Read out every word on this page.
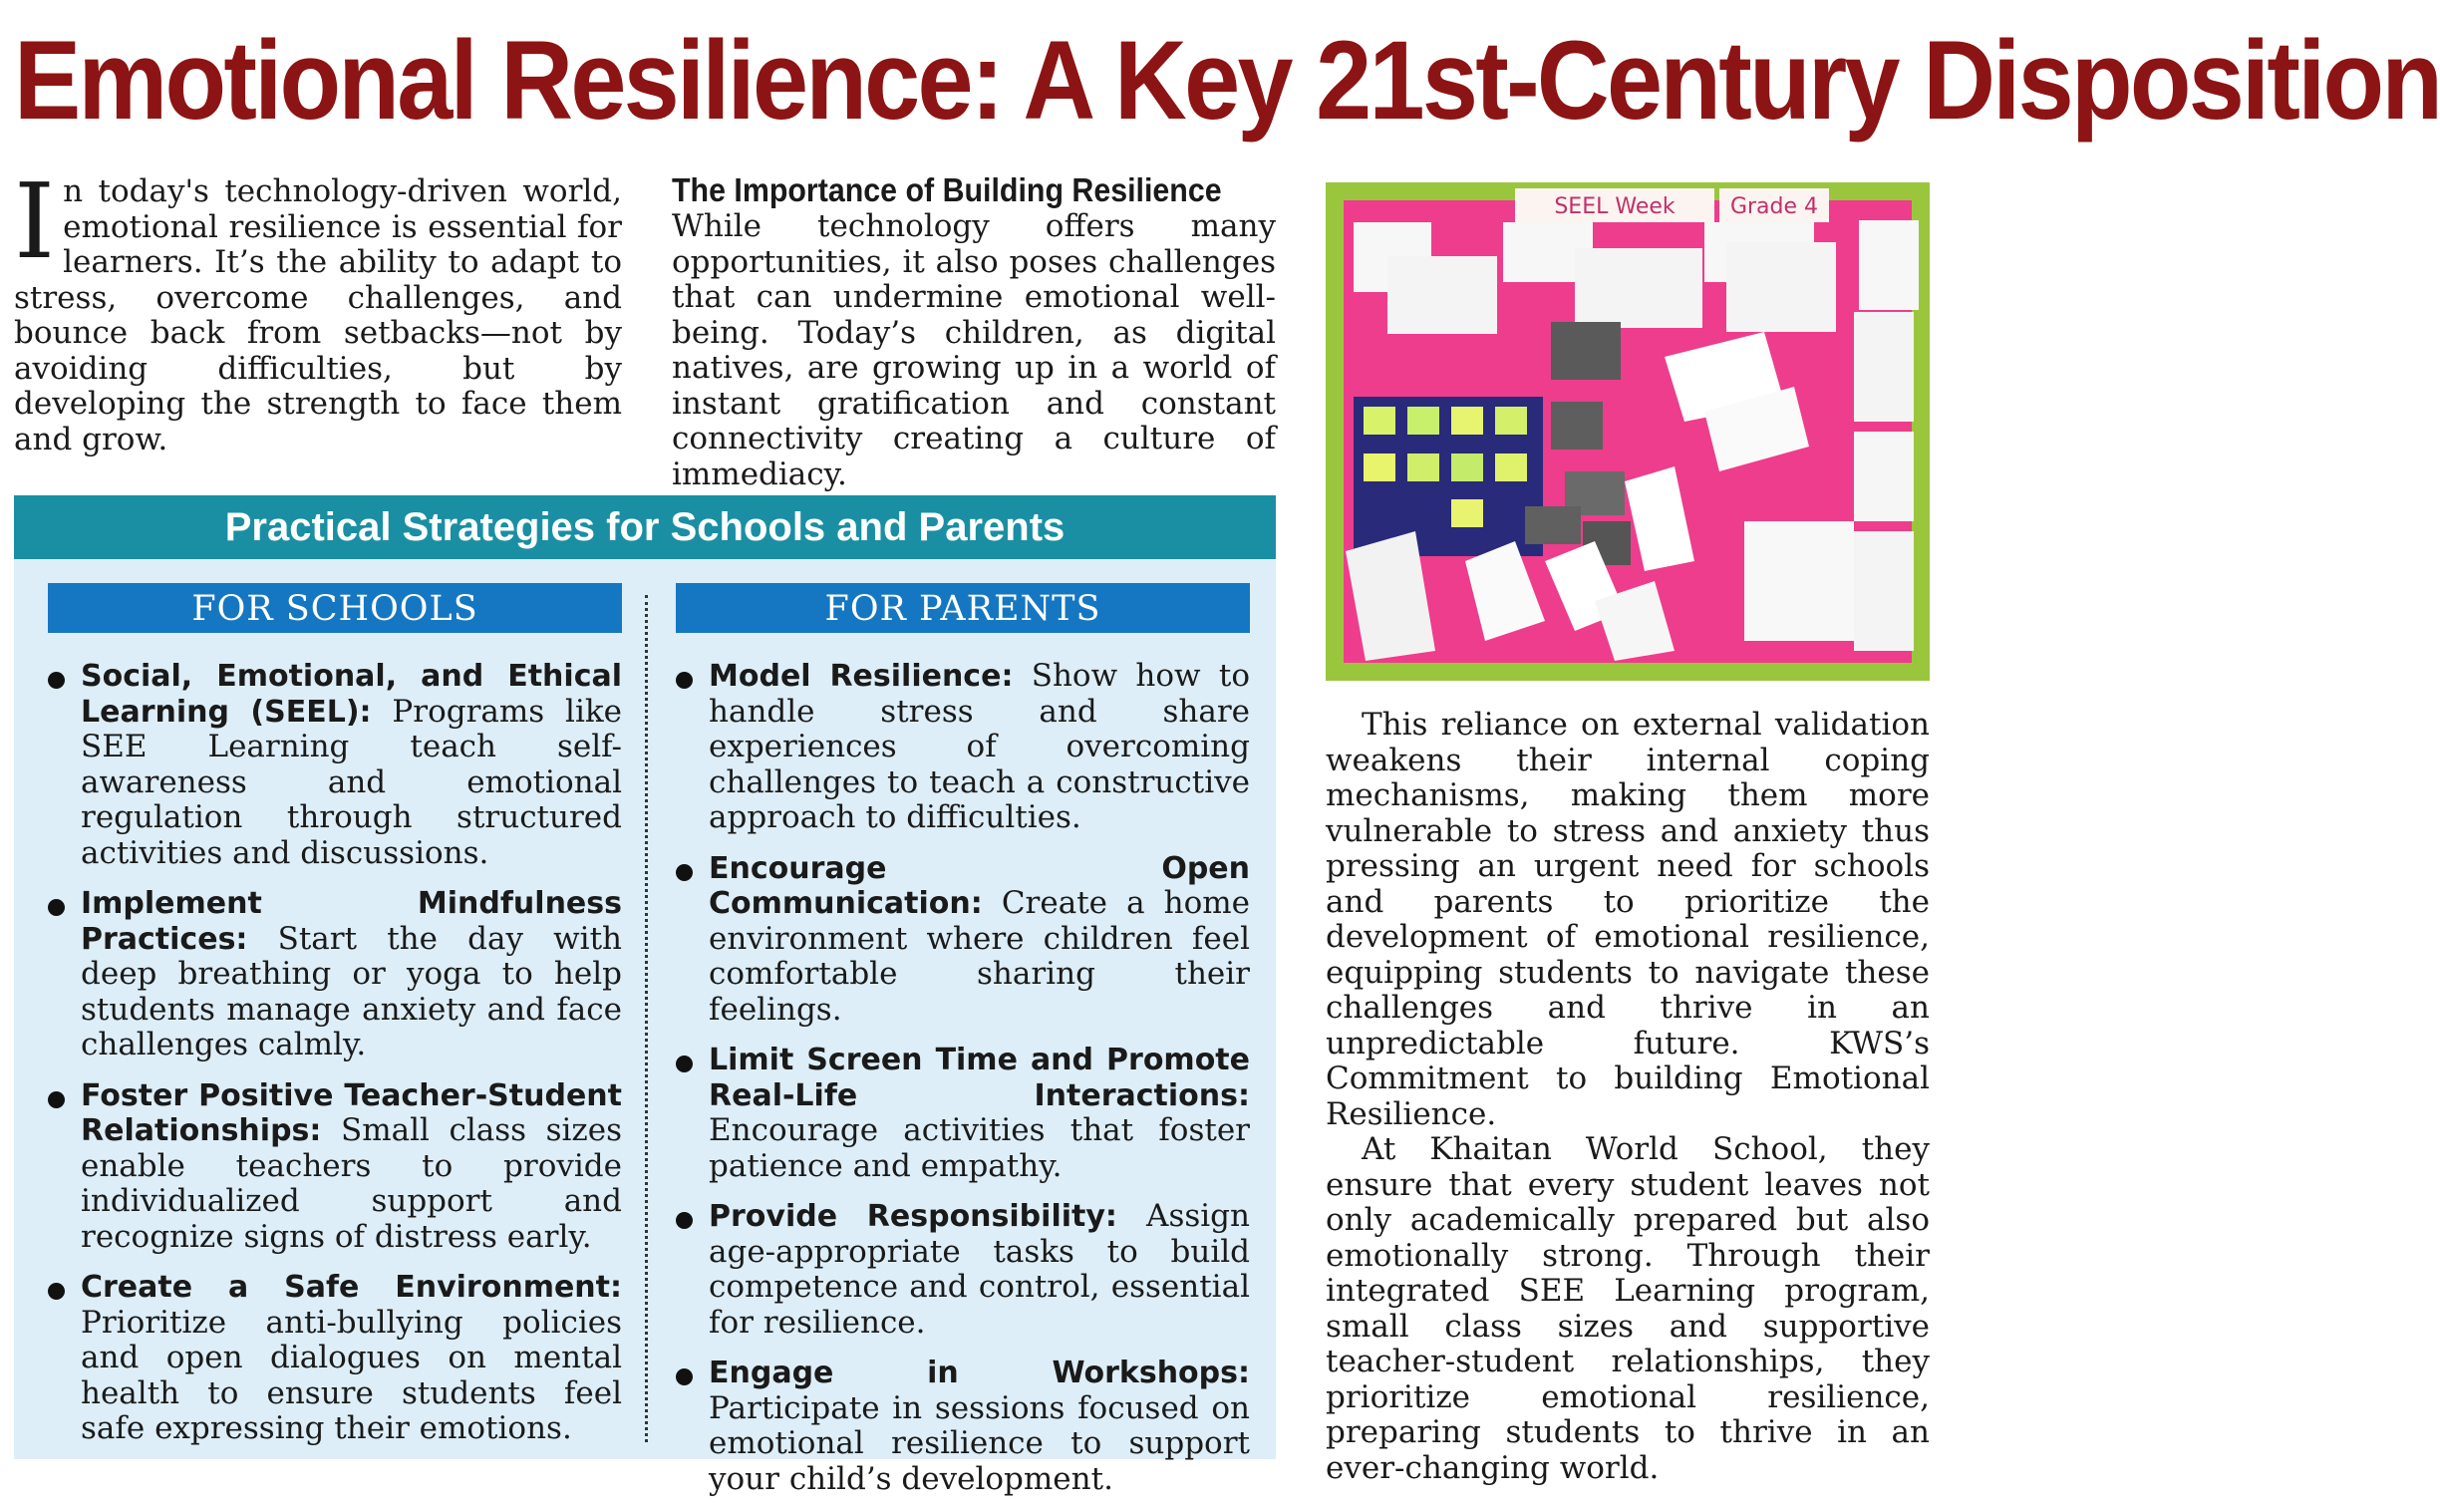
Emotional Resilience: A Key 21st-Century Disposition
In today's technology-driven world, emotional resilience is essential for learners. It’s the ability to adapt to stress, overcome challenges, and bounce back from setbacks—not by avoiding difficulties, but by developing the strength to face them and grow.
The Importance of Building Resilience
While technology offers many opportunities, it also poses challenges that can undermine emotional well-being. Today’s children, as digital natives, are growing up in a world of instant gratification and constant connectivity creating a culture of immediacy.
Practical Strategies for Schools and Parents
FOR SCHOOLS
Social, Emotional, and Ethical Learning (SEEL): Programs like SEE Learning teach self-awareness and emotional regulation through structured activities and discussions.
Implement Mindfulness Practices: Start the day with deep breathing or yoga to help students manage anxiety and face challenges calmly.
Foster Positive Teacher-Student Relationships: Small class sizes enable teachers to provide individualized support and recognize signs of distress early.
Create a Safe Environment: Prioritize anti-bullying policies and open dialogues on mental health to ensure students feel safe expressing their emotions.
FOR PARENTS
Model Resilience: Show how to handle stress and share experiences of overcoming challenges to teach a constructive approach to difficulties.
Encourage Open Communication: Create a home environment where children feel comfortable sharing their feelings.
Limit Screen Time and Promote Real-Life Interactions: Encourage activities that foster patience and empathy.
Provide Responsibility: Assign age-appropriate tasks to build competence and control, essential for resilience.
Engage in Workshops: Participate in sessions focused on emotional resilience to support your child’s development.
SEEL Week	Grade 4

This reliance on external validation weakens their internal coping mechanisms, making them more vulnerable to stress and anxiety thus pressing an urgent need for schools and parents to prioritize the development of emotional resilience, equipping students to navigate these challenges and thrive in an unpredictable future. KWS’s Commitment to building Emotional Resilience.

At Khaitan World School, they ensure that every student leaves not only academically prepared but also emotionally strong. Through their integrated SEE Learning program, small class sizes and supportive teacher-student relationships, they prioritize emotional resilience, preparing students to thrive in an ever-changing world.
